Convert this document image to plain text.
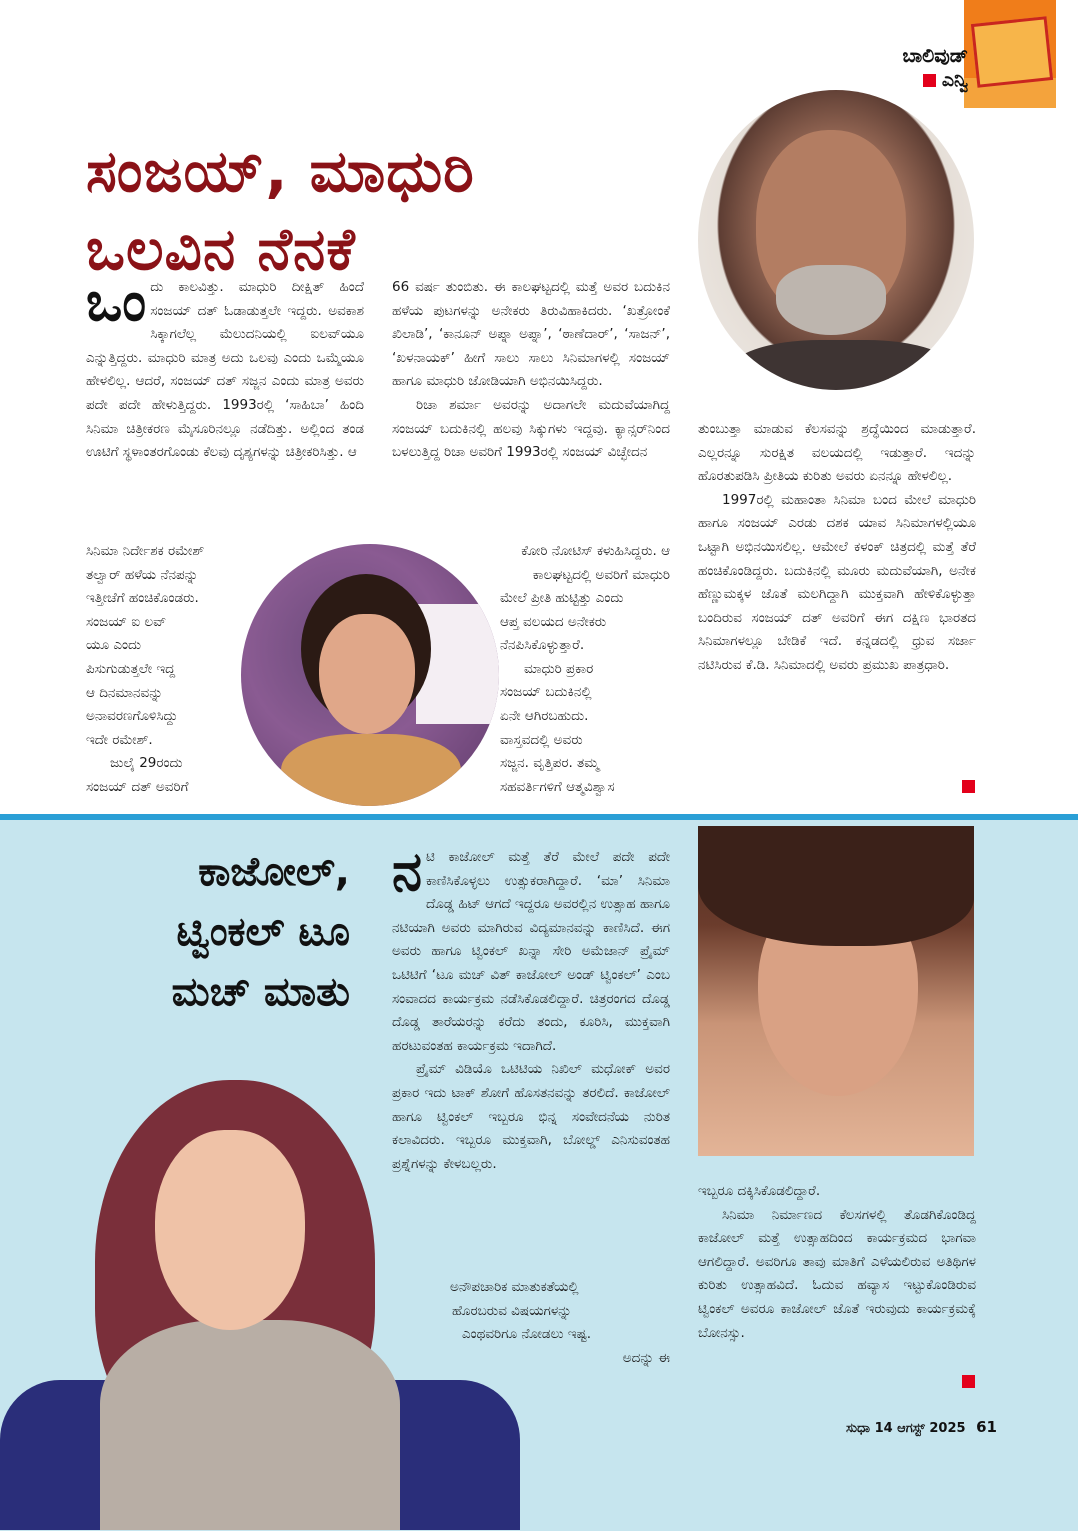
ಬಾಲಿವುಡ್
ಎನ್ವಿ
ಸಂಜಯ್, ಮಾಧುರಿ
ಒಲವಿನ ನೆನಕೆ

ಒಂದು ಕಾಲವಿತ್ತು. ಮಾಧುರಿ ದೀಕ್ಷಿತ್ ಹಿಂದೆ ಸಂಜಯ್ ದತ್ ಓಡಾಡುತ್ತಲೇ ಇದ್ದರು. ಅವಕಾಶ ಸಿಕ್ಕಾಗಲೆಲ್ಲ ಮೆಲುದನಿಯಲ್ಲಿ ಐಲವ್‌ಯೂ ಎನ್ನುತ್ತಿದ್ದರು. ಮಾಧುರಿ ಮಾತ್ರ ಅದು ಒಲವು ಎಂದು ಒಮ್ಮೆಯೂ ಹೇಳಲಿಲ್ಲ. ಆದರೆ, ಸಂಜಯ್ ದತ್ ಸಜ್ಜನ ಎಂದು ಮಾತ್ರ ಅವರು ಪದೇ ಪದೇ ಹೇಳುತ್ತಿದ್ದರು. 1993ರಲ್ಲಿ ‘ಸಾಹಿಬಾ’ ಹಿಂದಿ ಸಿನಿಮಾ ಚಿತ್ರೀಕರಣ ಮೈಸೂರಿನಲ್ಲೂ ನಡೆದಿತ್ತು. ಅಲ್ಲಿಂದ ತಂಡ ಊಟಿಗೆ ಸ್ಥಳಾಂತರಗೊಂಡು ಕೆಲವು ದೃಶ್ಯಗಳನ್ನು ಚಿತ್ರೀಕರಿಸಿತ್ತು. ಆ

ಸಿನಿಮಾ ನಿರ್ದೇಶಕ ರಮೇಶ್

ತಲ್ವಾರ್ ಹಳೆಯ ನೆನಪನ್ನು

ಇತ್ತೀಚೆಗೆ ಹಂಚಿಕೊಂಡರು.

ಸಂಜಯ್ ಐ ಲವ್

ಯೂ ಎಂದು

ಪಿಸುಗುಡುತ್ತಲೇ ಇದ್ದ

ಆ ದಿನಮಾನವನ್ನು

ಅನಾವರಣಗೊಳಿಸಿದ್ದು

ಇದೇ ರಮೇಶ್.

ಜುಲೈ 29ರಂದು

ಸಂಜಯ್ ದತ್ ಅವರಿಗೆ

66 ವರ್ಷ ತುಂಬಿತು. ಈ ಕಾಲಘಟ್ಟದಲ್ಲಿ ಮತ್ತೆ ಅವರ ಬದುಕಿನ ಹಳೆಯ ಪುಟಗಳನ್ನು ಅನೇಕರು ತಿರುವಿಹಾಕಿದರು. ‘ಖತ್ರೋಂಕೆ ಖಿಲಾಡಿ’, ‘ಕಾನೂನ್ ಅಪ್ನಾ ಅಪ್ನಾ’, ‘ಠಾಣೆದಾರ್’, ‘ಸಾಜನ್’, ‘ಖಳನಾಯಕ್’ ಹೀಗೆ ಸಾಲು ಸಾಲು ಸಿನಿಮಾಗಳಲ್ಲಿ ಸಂಜಯ್ ಹಾಗೂ ಮಾಧುರಿ ಜೋಡಿಯಾಗಿ ಅಭಿನಯಿಸಿದ್ದರು.

ರಿಚಾ ಶರ್ಮಾ ಅವರನ್ನು ಅದಾಗಲೇ ಮದುವೆಯಾಗಿದ್ದ ಸಂಜಯ್ ಬದುಕಿನಲ್ಲಿ ಹಲವು ಸಿಕ್ಕುಗಳು ಇದ್ದವು. ಕ್ಯಾನ್ಸರ್‌ನಿಂದ ಬಳಲುತ್ತಿದ್ದ ರಿಚಾ ಅವರಿಗೆ 1993ರಲ್ಲಿ ಸಂಜಯ್ ವಿಚ್ಛೇದನ

ಕೋರಿ ನೋಟಿಸ್ ಕಳುಹಿಸಿದ್ದರು. ಆ

ಕಾಲಘಟ್ಟದಲ್ಲಿ ಅವರಿಗೆ ಮಾಧುರಿ

ಮೇಲೆ ಪ್ರೀತಿ ಹುಟ್ಟಿತ್ತು ಎಂದು

ಆಪ್ತ ವಲಯದ ಅನೇಕರು

ನೆನಪಿಸಿಕೊಳ್ಳುತ್ತಾರೆ.

ಮಾಧುರಿ ಪ್ರಕಾರ

ಸಂಜಯ್ ಬದುಕಿನಲ್ಲಿ

ಏನೇ ಆಗಿರಬಹುದು.

ವಾಸ್ತವದಲ್ಲಿ ಅವರು

ಸಜ್ಜನ. ವೃತ್ತಿಪರ. ತಮ್ಮ

ಸಹವರ್ತಿಗಳಿಗೆ ಆತ್ಮವಿಶ್ವಾಸ

ತುಂಬುತ್ತಾ ಮಾಡುವ ಕೆಲಸವನ್ನು ಶ್ರದ್ಧೆಯಿಂದ ಮಾಡುತ್ತಾರೆ. ಎಲ್ಲರನ್ನೂ ಸುರಕ್ಷಿತ ವಲಯದಲ್ಲಿ ಇಡುತ್ತಾರೆ. ಇದನ್ನು ಹೊರತುಪಡಿಸಿ ಪ್ರೀತಿಯ ಕುರಿತು ಅವರು ಏನನ್ನೂ ಹೇಳಲಿಲ್ಲ.

1997ರಲ್ಲಿ ಮಹಾಂತಾ ಸಿನಿಮಾ ಬಂದ ಮೇಲೆ ಮಾಧುರಿ ಹಾಗೂ ಸಂಜಯ್ ಎರಡು ದಶಕ ಯಾವ ಸಿನಿಮಾಗಳಲ್ಲಿಯೂ ಒಟ್ಟಾಗಿ ಅಭಿನಯಿಸಲಿಲ್ಲ. ಆಮೇಲೆ ಕಳಂಕ್ ಚಿತ್ರದಲ್ಲಿ ಮತ್ತೆ ತೆರೆ ಹಂಚಿಕೊಂಡಿದ್ದರು. ಬದುಕಿನಲ್ಲಿ ಮೂರು ಮದುವೆಯಾಗಿ, ಅನೇಕ ಹೆಣ್ಣುಮಕ್ಕಳ ಜೊತೆ ಮಲಗಿದ್ದಾಗಿ ಮುಕ್ತವಾಗಿ ಹೇಳಿಕೊಳ್ಳುತ್ತಾ ಬಂದಿರುವ ಸಂಜಯ್ ದತ್ ಅವರಿಗೆ ಈಗ ದಕ್ಷಿಣ ಭಾರತದ ಸಿನಿಮಾಗಳಲ್ಲೂ ಬೇಡಿಕೆ ಇದೆ. ಕನ್ನಡದಲ್ಲಿ ಧ್ರುವ ಸರ್ಜಾ ನಟಿಸಿರುವ ಕೆ.ಡಿ. ಸಿನಿಮಾದಲ್ಲಿ ಅವರು ಪ್ರಮುಖ ಪಾತ್ರಧಾರಿ.

ಕಾಜೋಲ್,
ಟ್ವಿಂಕಲ್ ಟೂ
ಮಚ್ ಮಾತು

ನಟಿ ಕಾಜೋಲ್ ಮತ್ತೆ ತೆರೆ ಮೇಲೆ ಪದೇ ಪದೇ ಕಾಣಿಸಿಕೊಳ್ಳಲು ಉತ್ಸುಕರಾಗಿದ್ದಾರೆ. ‘ಮಾ’ ಸಿನಿಮಾ ದೊಡ್ಡ ಹಿಟ್ ಆಗದೆ ಇದ್ದರೂ ಅವರಲ್ಲಿನ ಉತ್ಸಾಹ ಹಾಗೂ ನಟಿಯಾಗಿ ಅವರು ಮಾಗಿರುವ ವಿದ್ಯಮಾನವನ್ನು ಕಾಣಿಸಿದೆ. ಈಗ ಅವರು ಹಾಗೂ ಟ್ವಿಂಕಲ್ ಖನ್ನಾ ಸೇರಿ ಅಮೆಜಾನ್ ಪ್ರೈಮ್ ಒಟಿಟಿಗೆ ‘ಟೂ ಮಚ್ ವಿತ್ ಕಾಜೋಲ್ ಅಂಡ್ ಟ್ವಿಂಕಲ್’ ಎಂಬ ಸಂವಾದದ ಕಾರ್ಯಕ್ರಮ ನಡೆಸಿಕೊಡಲಿದ್ದಾರೆ. ಚಿತ್ರರಂಗದ ದೊಡ್ಡ ದೊಡ್ಡ ತಾರೆಯರನ್ನು ಕರೆದು ತಂದು, ಕೂರಿಸಿ, ಮುಕ್ತವಾಗಿ ಹರಟುವಂತಹ ಕಾರ್ಯಕ್ರಮ ಇದಾಗಿದೆ.

ಪ್ರೈಮ್ ವಿಡಿಯೊ ಒಟಿಟಿಯ ನಿಖಿಲ್ ಮಧೋಕ್ ಅವರ ಪ್ರಕಾರ ಇದು ಟಾಕ್ ಶೋಗೆ ಹೊಸತನವನ್ನು ತರಲಿದೆ. ಕಾಜೋಲ್ ಹಾಗೂ ಟ್ವಿಂಕಲ್ ಇಬ್ಬರೂ ಭಿನ್ನ ಸಂವೇದನೆಯ ನುರಿತ ಕಲಾವಿದರು. ಇಬ್ಬರೂ ಮುಕ್ತವಾಗಿ, ಬೋಲ್ಡ್ ಎನಿಸುವಂತಹ ಪ್ರಶ್ನೆಗಳನ್ನು ಕೇಳಬಲ್ಲರು.

ಅನೌಪಚಾರಿಕ ಮಾತುಕತೆಯಲ್ಲಿ

ಹೊರಬರುವ ವಿಷಯಗಳನ್ನು

ಎಂಥವರಿಗೂ ನೋಡಲು ಇಷ್ಟ.

ಅದನ್ನು ಈ

ಇಬ್ಬರೂ ದಕ್ಕಿಸಿಕೊಡಲಿದ್ದಾರೆ.

ಸಿನಿಮಾ ನಿರ್ಮಾಣದ ಕೆಲಸಗಳಲ್ಲಿ ತೊಡಗಿಕೊಂಡಿದ್ದ ಕಾಜೋಲ್ ಮತ್ತೆ ಉತ್ಸಾಹದಿಂದ ಕಾರ್ಯಕ್ರಮದ ಭಾಗವಾ ಆಗಲಿದ್ದಾರೆ. ಅವರಿಗೂ ತಾವು ಮಾತಿಗೆ ಎಳೆಯಲಿರುವ ಅತಿಥಿಗಳ ಕುರಿತು ಉತ್ಸಾಹವಿದೆ. ಓದುವ ಹವ್ಯಾಸ ಇಟ್ಟುಕೊಂಡಿರುವ ಟ್ವಿಂಕಲ್ ಅವರೂ ಕಾಜೋಲ್ ಜೊತೆ ಇರುವುದು ಕಾರ್ಯಕ್ರಮಕ್ಕೆ ಬೋನಸ್ಸು.

ಸುಧಾ 14 ಆಗಸ್ಟ್ 2025 61
